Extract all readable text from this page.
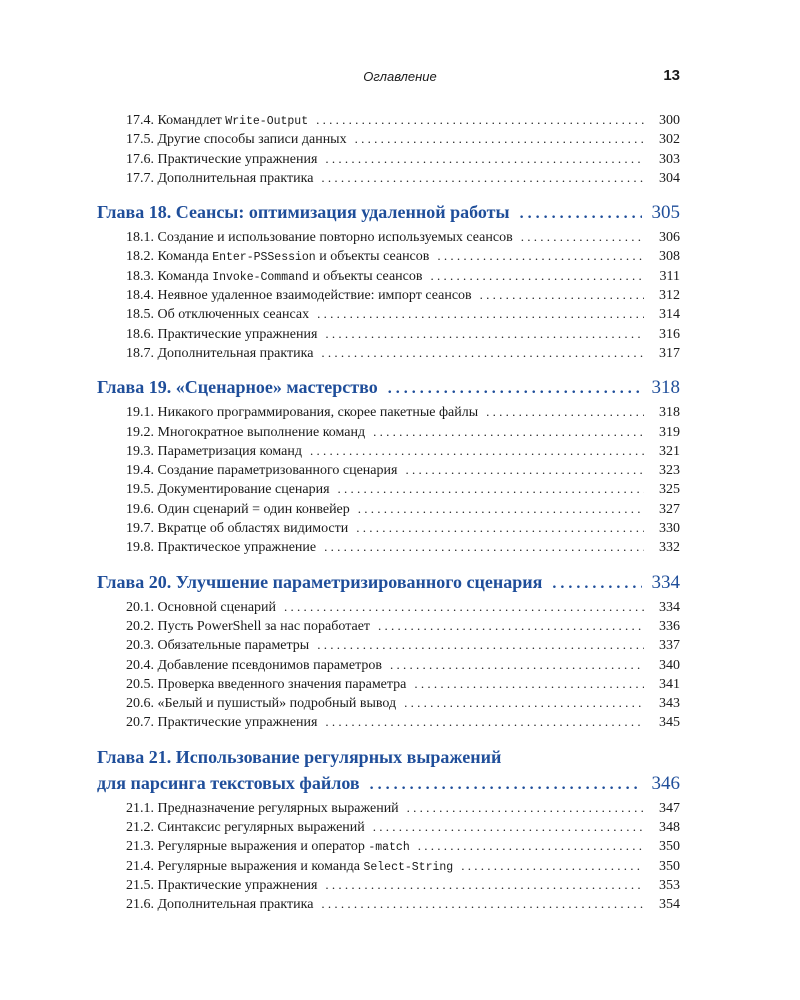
Оглавление	13
17.4. Командлет Write-Output . . .	300
17.5. Другие способы записи данных . . .	302
17.6. Практические упражнения . . .	303
17.7. Дополнительная практика . . .	304
Глава 18. Сеансы: оптимизация удаленной работы . . .	305
18.1. Создание и использование повторно используемых сеансов . . .	306
18.2. Команда Enter-PSSession и объекты сеансов . . .	308
18.3. Команда Invoke-Command и объекты сеансов . . .	311
18.4. Неявное удаленное взаимодействие: импорт сеансов . . .	312
18.5. Об отключенных сеансах . . .	314
18.6. Практические упражнения . . .	316
18.7. Дополнительная практика . . .	317
Глава 19. «Сценарное» мастерство . . .	318
19.1. Никакого программирования, скорее пакетные файлы . . .	318
19.2. Многократное выполнение команд . . .	319
19.3. Параметризация команд . . .	321
19.4. Создание параметризованного сценария . . .	323
19.5. Документирование сценария . . .	325
19.6. Один сценарий = один конвейер . . .	327
19.7. Вкратце об областях видимости . . .	330
19.8. Практическое упражнение . . .	332
Глава 20. Улучшение параметризированного сценария . . .	334
20.1. Основной сценарий . . .	334
20.2. Пусть PowerShell за нас поработает . . .	336
20.3. Обязательные параметры . . .	337
20.4. Добавление псевдонимов параметров . . .	340
20.5. Проверка введенного значения параметра . . .	341
20.6. «Белый и пушистый» подробный вывод . . .	343
20.7. Практические упражнения . . .	345
Глава 21. Использование регулярных выражений
для парсинга текстовых файлов . . .	346
21.1. Предназначение регулярных выражений . . .	347
21.2. Синтаксис регулярных выражений . . .	348
21.3. Регулярные выражения и оператор -match . . .	350
21.4. Регулярные выражения и команда Select-String . . .	350
21.5. Практические упражнения . . .	353
21.6. Дополнительная практика . . .	354
